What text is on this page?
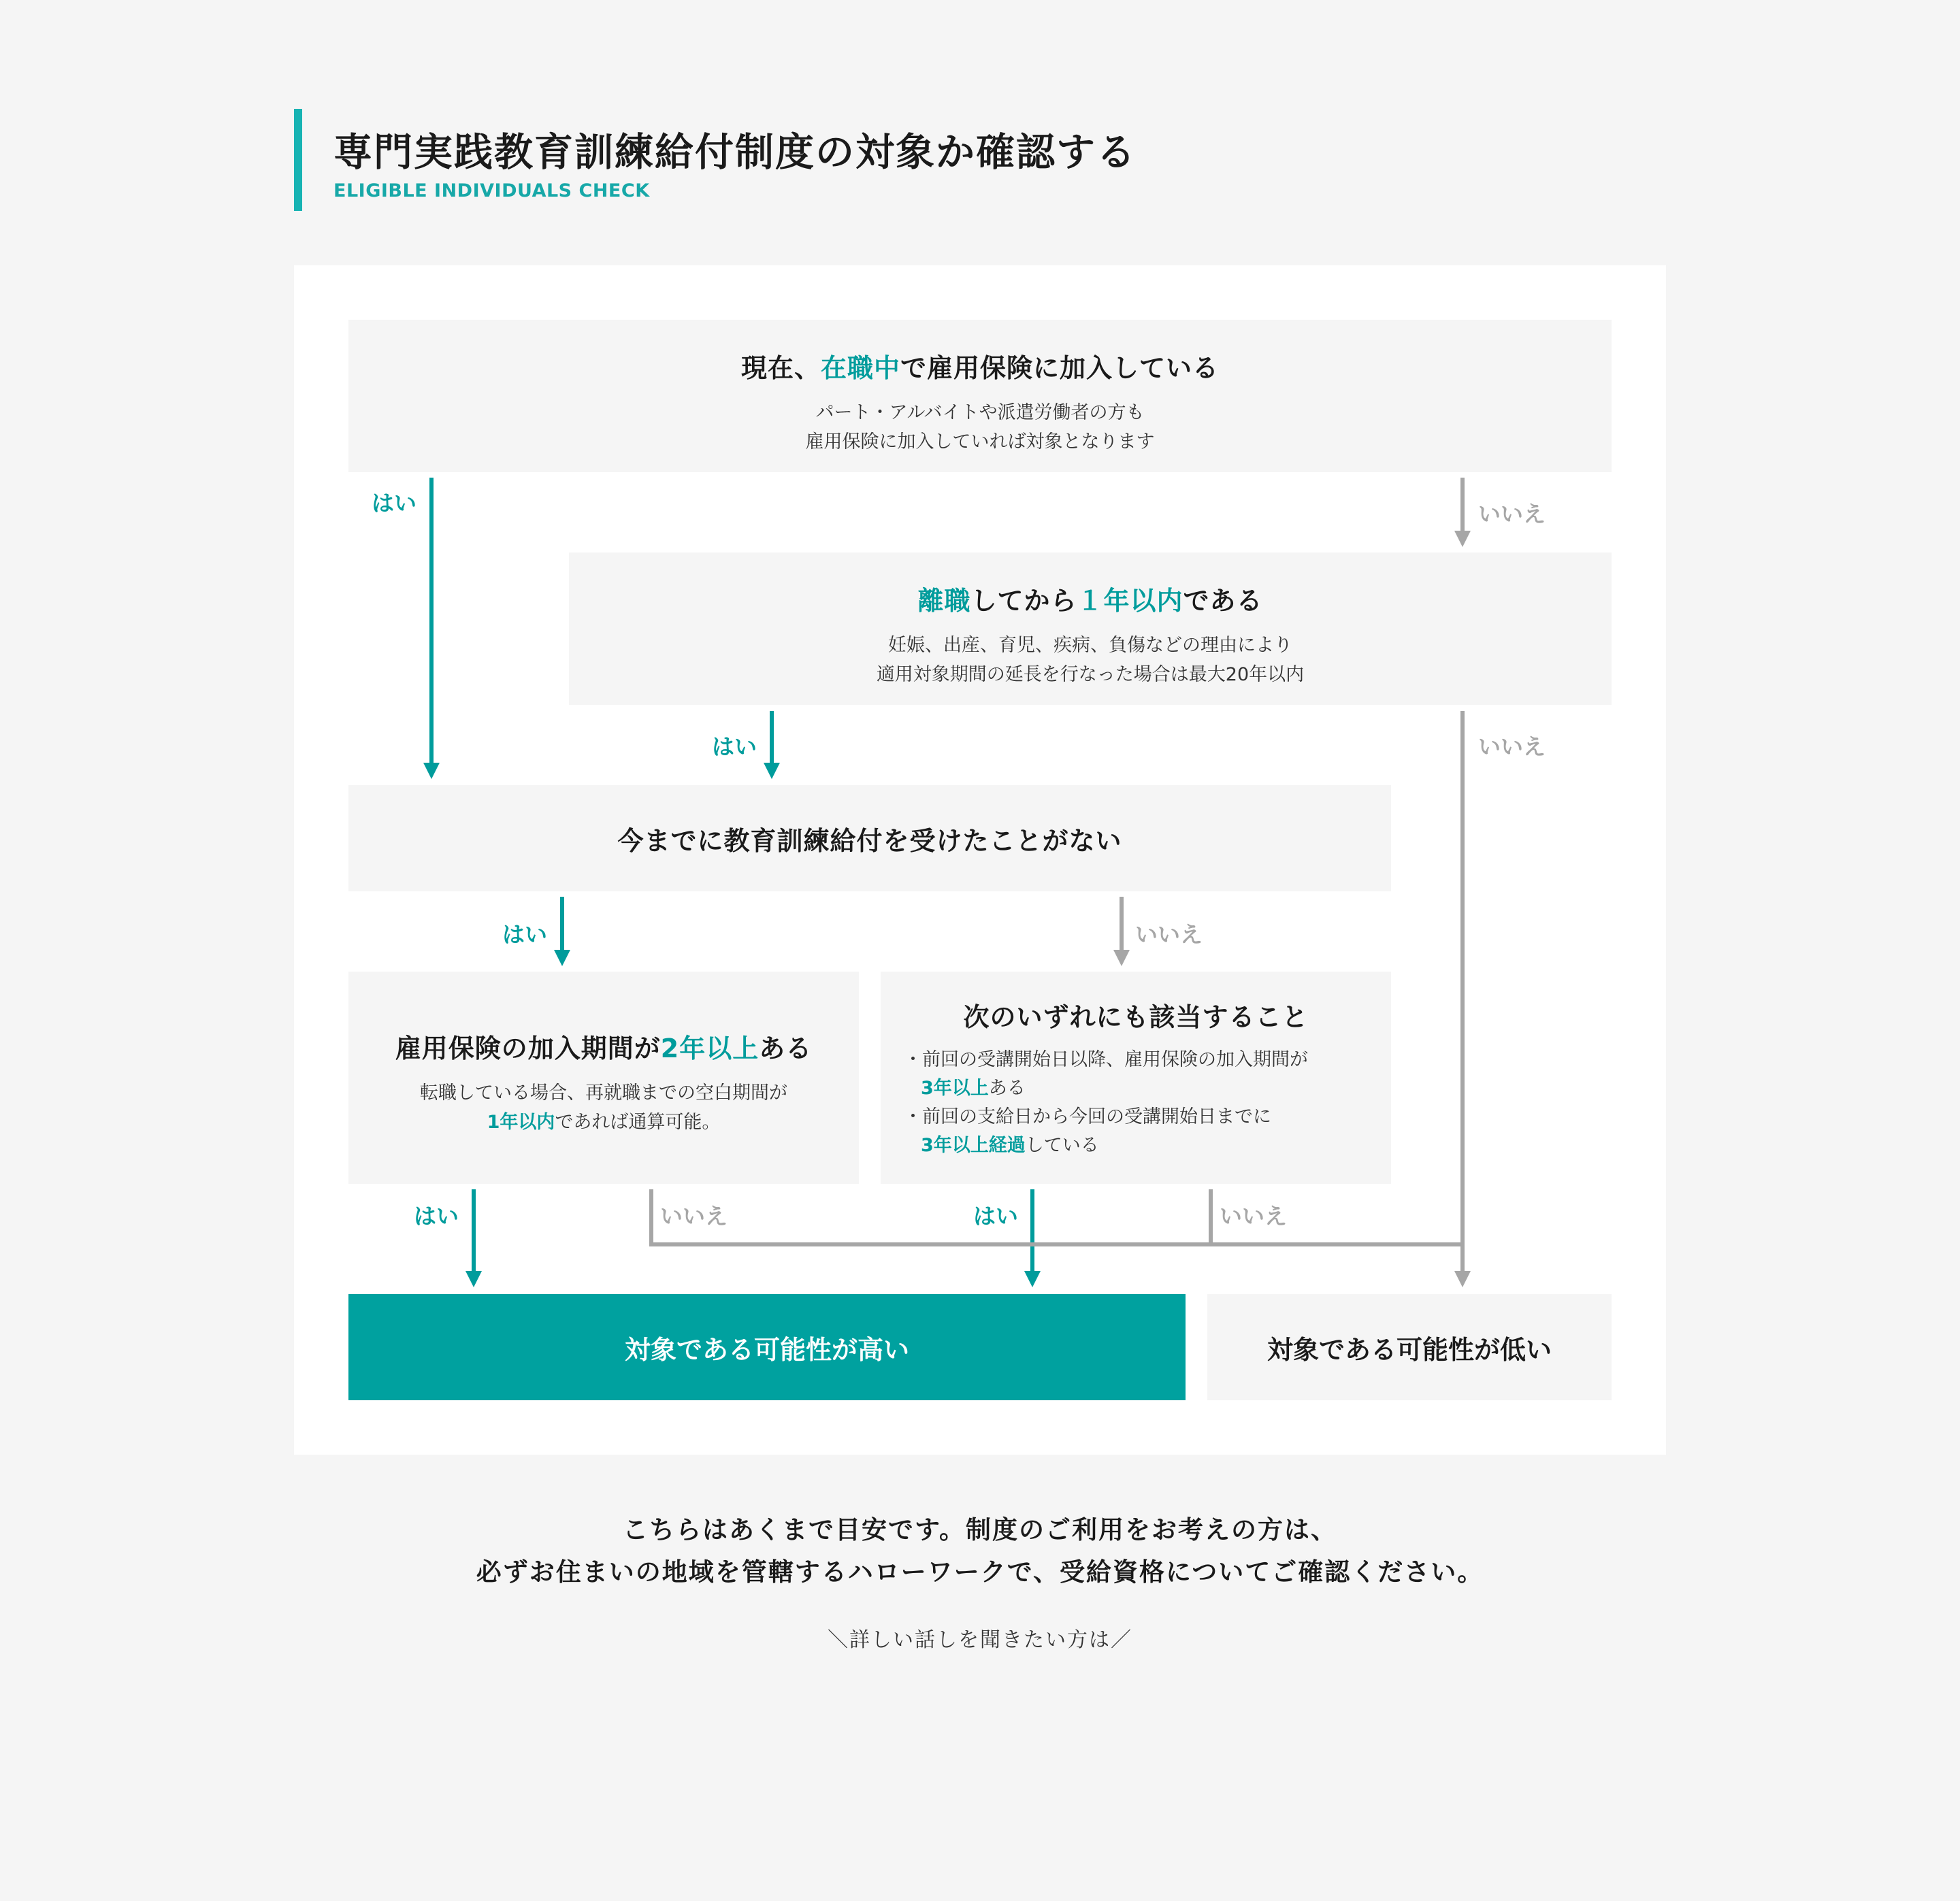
専門実践教育訓練給付制度の対象か確認する
ELIGIBLE INDIVIDUALS CHECK
現在、在職中で雇用保険に加入している
パート・アルバイトや派遣労働者の方も
雇用保険に加入していれば対象となります
離職してから１年以内である
妊娠、出産、育児、疾病、負傷などの理由により
適用対象期間の延長を行なった場合は最大20年以内
今までに教育訓練給付を受けたことがない
雇用保険の加入期間が2年以上ある
転職している場合、再就職までの空白期間が
1年以内であれば通算可能。
次のいずれにも該当すること
・前回の受講開始日以降、雇用保険の加入期間が
3年以上ある
・前回の支給日から今回の受講開始日までに
3年以上経過している
はい	いいえ
はい	いいえ
はい	いいえ
はい	いいえ	はい	いいえ
対象である可能性が高い	対象である可能性が低い
こちらはあくまで目安です。制度のご利用をお考えの方は、
必ずお住まいの地域を管轄するハローワークで、受給資格についてご確認ください。
＼詳しい話しを聞きたい方は／
